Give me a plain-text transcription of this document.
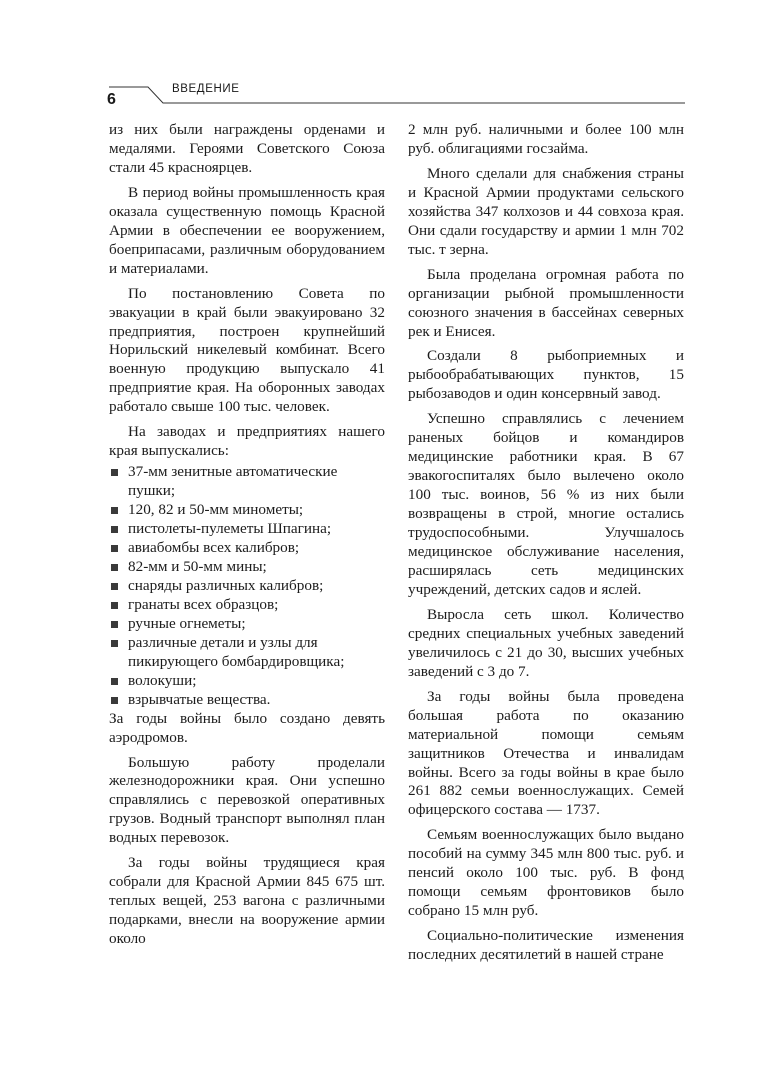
6
ВВЕДЕНИЕ

из них были награждены орденами и медалями. Героями Советского Союза стали 45 красноярцев.

В период войны промышленность края оказала существенную помощь Красной Армии в обеспечении ее вооружением, боеприпасами, различным оборудованием и материалами.

По постановлению Совета по эвакуации в край были эвакуировано 32 предприятия, построен крупнейший Норильский никелевый комбинат. Всего военную продукцию выпускало 41 предприятие края. На оборонных заводах работало свыше 100 тыс. человек.

На заводах и предприятиях нашего края выпускались:

37-мм зенитные автоматические пушки;
120, 82 и 50-мм минометы;
пистолеты-пулеметы Шпагина;
авиабомбы всех калибров;
82-мм и 50-мм мины;
снаряды различных калибров;
гранаты всех образцов;
ручные огнеметы;
различные детали и узлы для пикирующего бомбардировщика;
волокуши;
взрывчатые вещества.

За годы войны было создано девять аэродромов.

Большую работу проделали железнодорожники края. Они успешно справлялись с перевозкой оперативных грузов. Водный транспорт выполнял план водных перевозок.

За годы войны трудящиеся края собрали для Красной Армии 845 675 шт. теплых вещей, 253 вагона с различными подарками, внесли на вооружение армии около

2 млн руб. наличными и более 100 млн руб. облигациями госзайма.

Много сделали для снабжения страны и Красной Армии продуктами сельского хозяйства 347 колхозов и 44 совхоза края. Они сдали государству и армии 1 млн 702 тыс. т зерна.

Была проделана огромная работа по организации рыбной промышленности союзного значения в бассейнах северных рек и Енисея.

Создали 8 рыбоприемных и рыбообрабатывающих пунктов, 15 рыбозаводов и один консервный завод.

Успешно справлялись с лечением раненых бойцов и командиров медицинские работники края. В 67 эвакогоспиталях было вылечено около 100 тыс. воинов, 56 % из них были возвращены в строй, многие остались трудоспособными. Улучшалось медицинское обслуживание населения, расширялась сеть медицинских учреждений, детских садов и яслей.

Выросла сеть школ. Количество средних специальных учебных заведений увеличилось с 21 до 30, высших учебных заведений с 3 до 7.

За годы войны была проведена большая работа по оказанию материальной помощи семьям защитников Отечества и инвалидам войны. Всего за годы войны в крае было 261 882 семьи военнослужащих. Семей офицерского состава — 1737.

Семьям военнослужащих было выдано пособий на сумму 345 млн 800 тыс. руб. и пенсий около 100 тыс. руб. В фонд помощи семьям фронтовиков было собрано 15 млн руб.

Социально-политические изменения последних десятилетий в нашей стране
